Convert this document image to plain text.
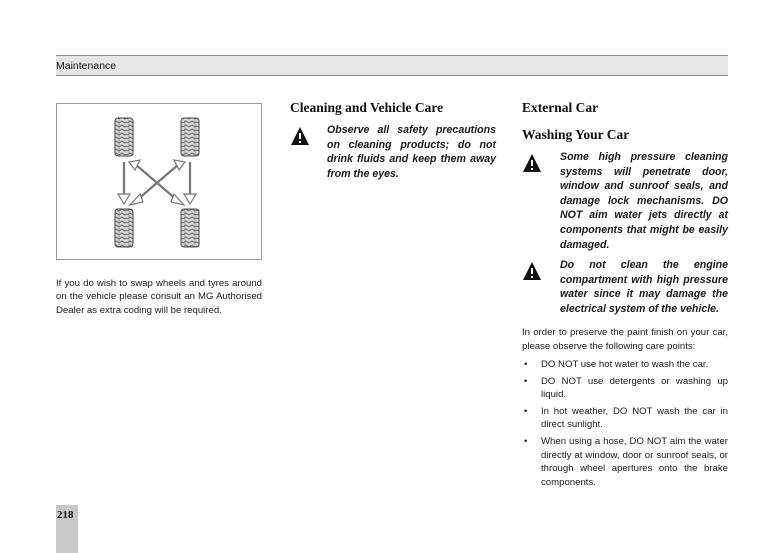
Maintenance

If you do wish to swap wheels and tyres around on the vehicle please consult an MG Authorised Dealer as extra coding will be required.

Cleaning and Vehicle Care

Observe all safety precautions on cleaning products; do not drink fluids and keep them away from the eyes.

External Car
Washing Your Car

Some high pressure cleaning systems will penetrate door, window and sunroof seals, and damage lock mechanisms. DO NOT aim water jets directly at components that might be easily damaged.

Do not clean the engine compartment with high pressure water since it may damage the electrical system of the vehicle.

In order to preserve the paint finish on your car, please observe the following care points:

• DO NOT use hot water to wash the car.
• DO NOT use detergents or washing up liquid.
• In hot weather, DO NOT wash the car in direct sunlight.
• When using a hose, DO NOT aim the water directly at window, door or sunroof seals, or through wheel apertures onto the brake components.
218
